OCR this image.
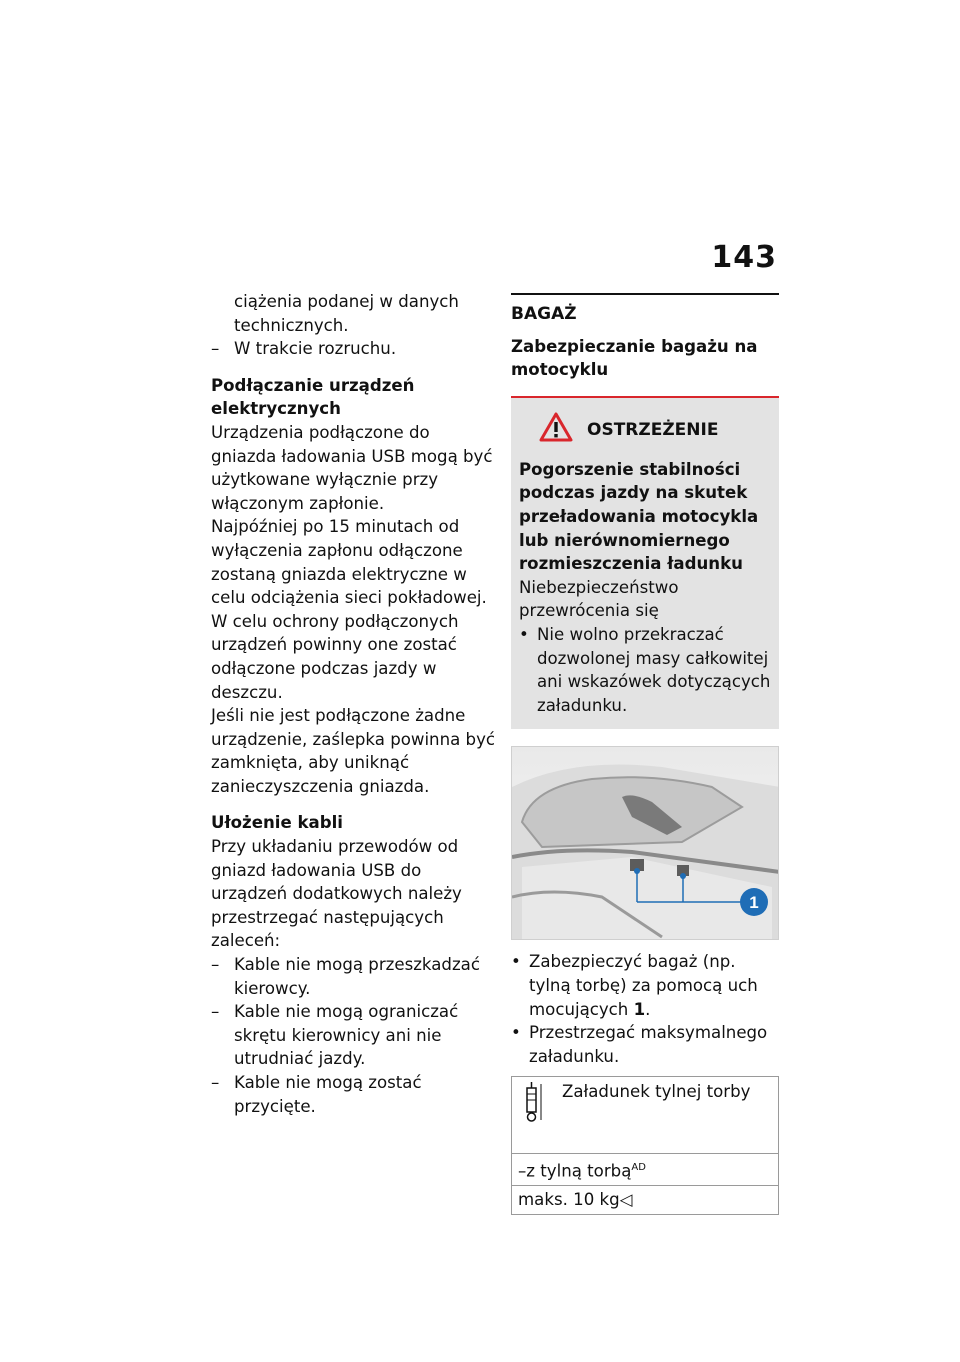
143

ciążenia podanej w danych

technicznych.

– W trakcie rozruchu.

Podłączanie urządzeń elektrycznych

Urządzenia podłączone do gniazda ładowania USB mogą być użytkowane wyłącznie przy włączonym zapłonie.

Najpóźniej po 15 minutach od wyłączenia zapłonu odłączone zostaną gniazda elektryczne w celu odciążenia sieci pokładowej.

W celu ochrony podłączonych urządzeń powinny one zostać odłączone podczas jazdy w deszczu.

Jeśli nie jest podłączone żadne urządzenie, zaślepka powinna być zamknięta, aby uniknąć zanieczyszczenia gniazda.

Ułożenie kabli

Przy układaniu przewodów od gniazd ładowania USB do urządzeń dodatkowych należy przestrzegać następujących zaleceń:

– Kable nie mogą przeszkadzać kierowcy.

– Kable nie mogą ograniczać skrętu kierownicy ani nie utrudniać jazdy.

– Kable nie mogą zostać przycięte.

BAGAŻ

Zabezpieczanie bagażu na motocyklu

OSTRZEŻENIE

Pogorszenie stabilności podczas jazdy na skutek przeładowania motocykla lub nierównomiernego rozmieszczenia ładunku

Niebezpieczeństwo przewrócenia się

• Nie wolno przekraczać dozwolonej masy całkowitej ani wskazówek dotyczących załadunku.

1

• Zabezpieczyć bagaż (np. tylną torbę) za pomocą uch mocujących 1.

• Przestrzegać maksymalnego załadunku.

Załadunek tylnej torby
–z tylną torbą$^{AD}$
maks. 10 kg◁
